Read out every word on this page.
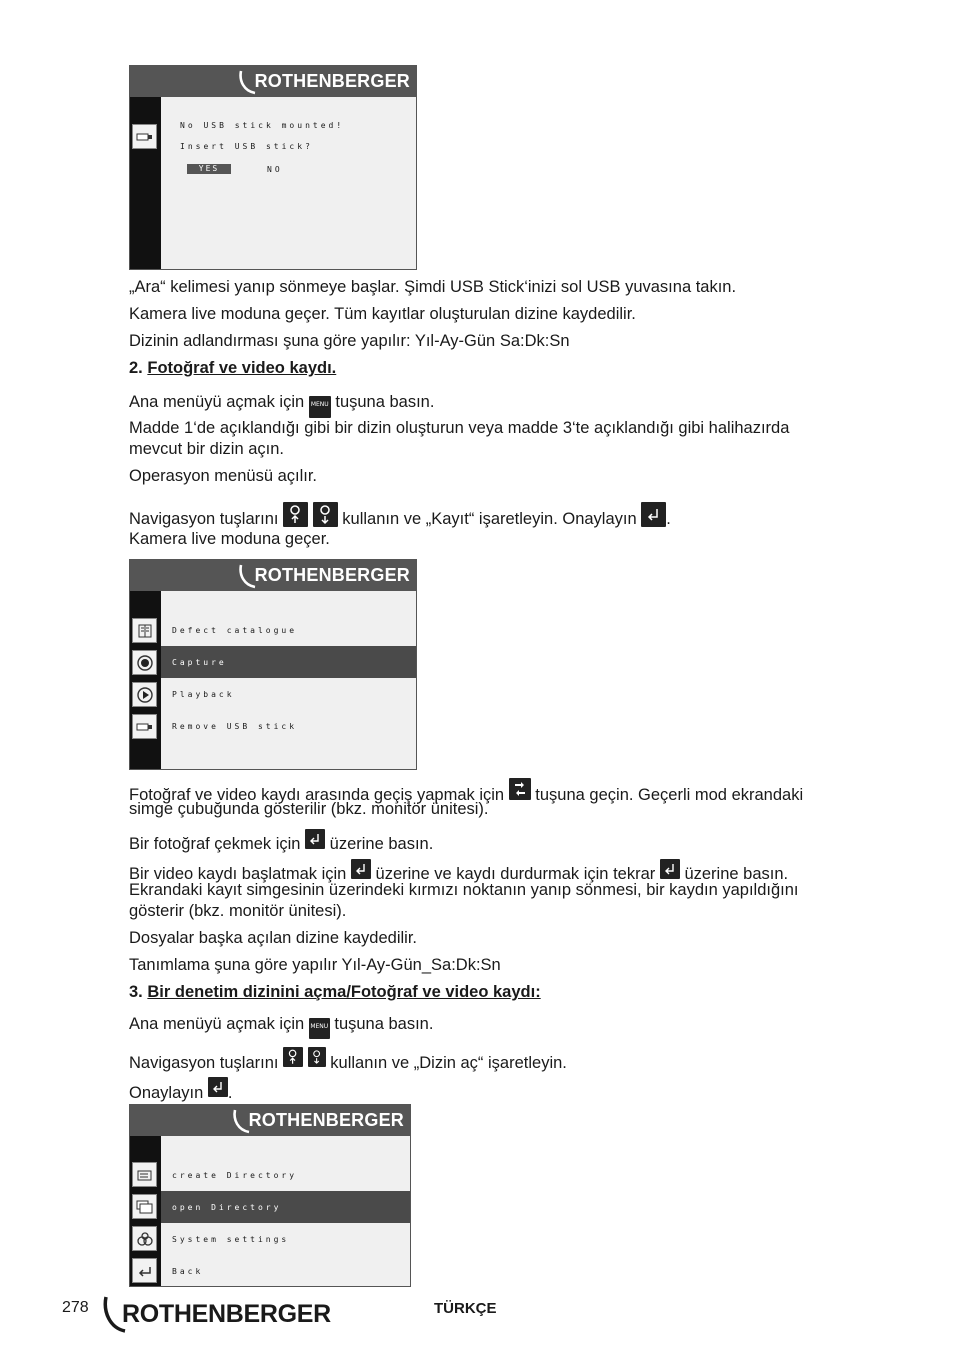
ROTHENBERGER
No USB stick mounted!
Insert USB stick?
YES	NO

„Ara“ kelimesi yanıp sönmeye başlar. Şimdi USB Stick‘inizi sol USB yuvasına takın.

Kamera live moduna geçer. Tüm kayıtlar oluşturulan dizine kaydedilir.

Dizinin adlandırması şuna göre yapılır: Yıl-Ay-Gün Sa:Dk:Sn

2. Fotoğraf ve video kaydı.

Ana menüyü açmak için MENU tuşuna basın.

Madde 1‘de açıklandığı gibi bir dizin oluşturun veya madde 3‘te açıklandığı gibi halihazırda

mevcut bir dizin açın.

Operasyon menüsü açılır.

Navigasyon tuşlarını
	kullanın ve „Kayıt“ işaretleyin. Onaylayın .

Kamera live moduna geçer.

ROTHENBERGER
Defect catalogue
Capture
Playback
Remove USB stick

Fotoğraf ve video kaydı arasında geçiş yapmak için tuşuna geçin. Geçerli mod ekrandaki

simge çubuğunda gösterilir (bkz. monitör ünitesi).

Bir fotoğraf çekmek için üzerine basın.

Bir video kaydı başlatmak için üzerine ve kaydı durdurmak için tekrar üzerine basın.

Ekrandaki kayıt simgesinin üzerindeki kırmızı noktanın yanıp sönmesi, bir kaydın yapıldığını

gösterir (bkz. monitör ünitesi).

Dosyalar başka açılan dizine kaydedilir.

Tanımlama şuna göre yapılır Yıl-Ay-Gün_Sa:Dk:Sn

3. Bir denetim dizinini açma/Fotoğraf ve video kaydı:

Ana menüyü açmak için MENU tuşuna basın.

Navigasyon tuşlarını
	kullanın ve „Dizin aç“ işaretleyin.

Onaylayın .

ROTHENBERGER
create Directory
open Directory
System settings
Back
278 ROTHENBERGER	TÜRKÇE
